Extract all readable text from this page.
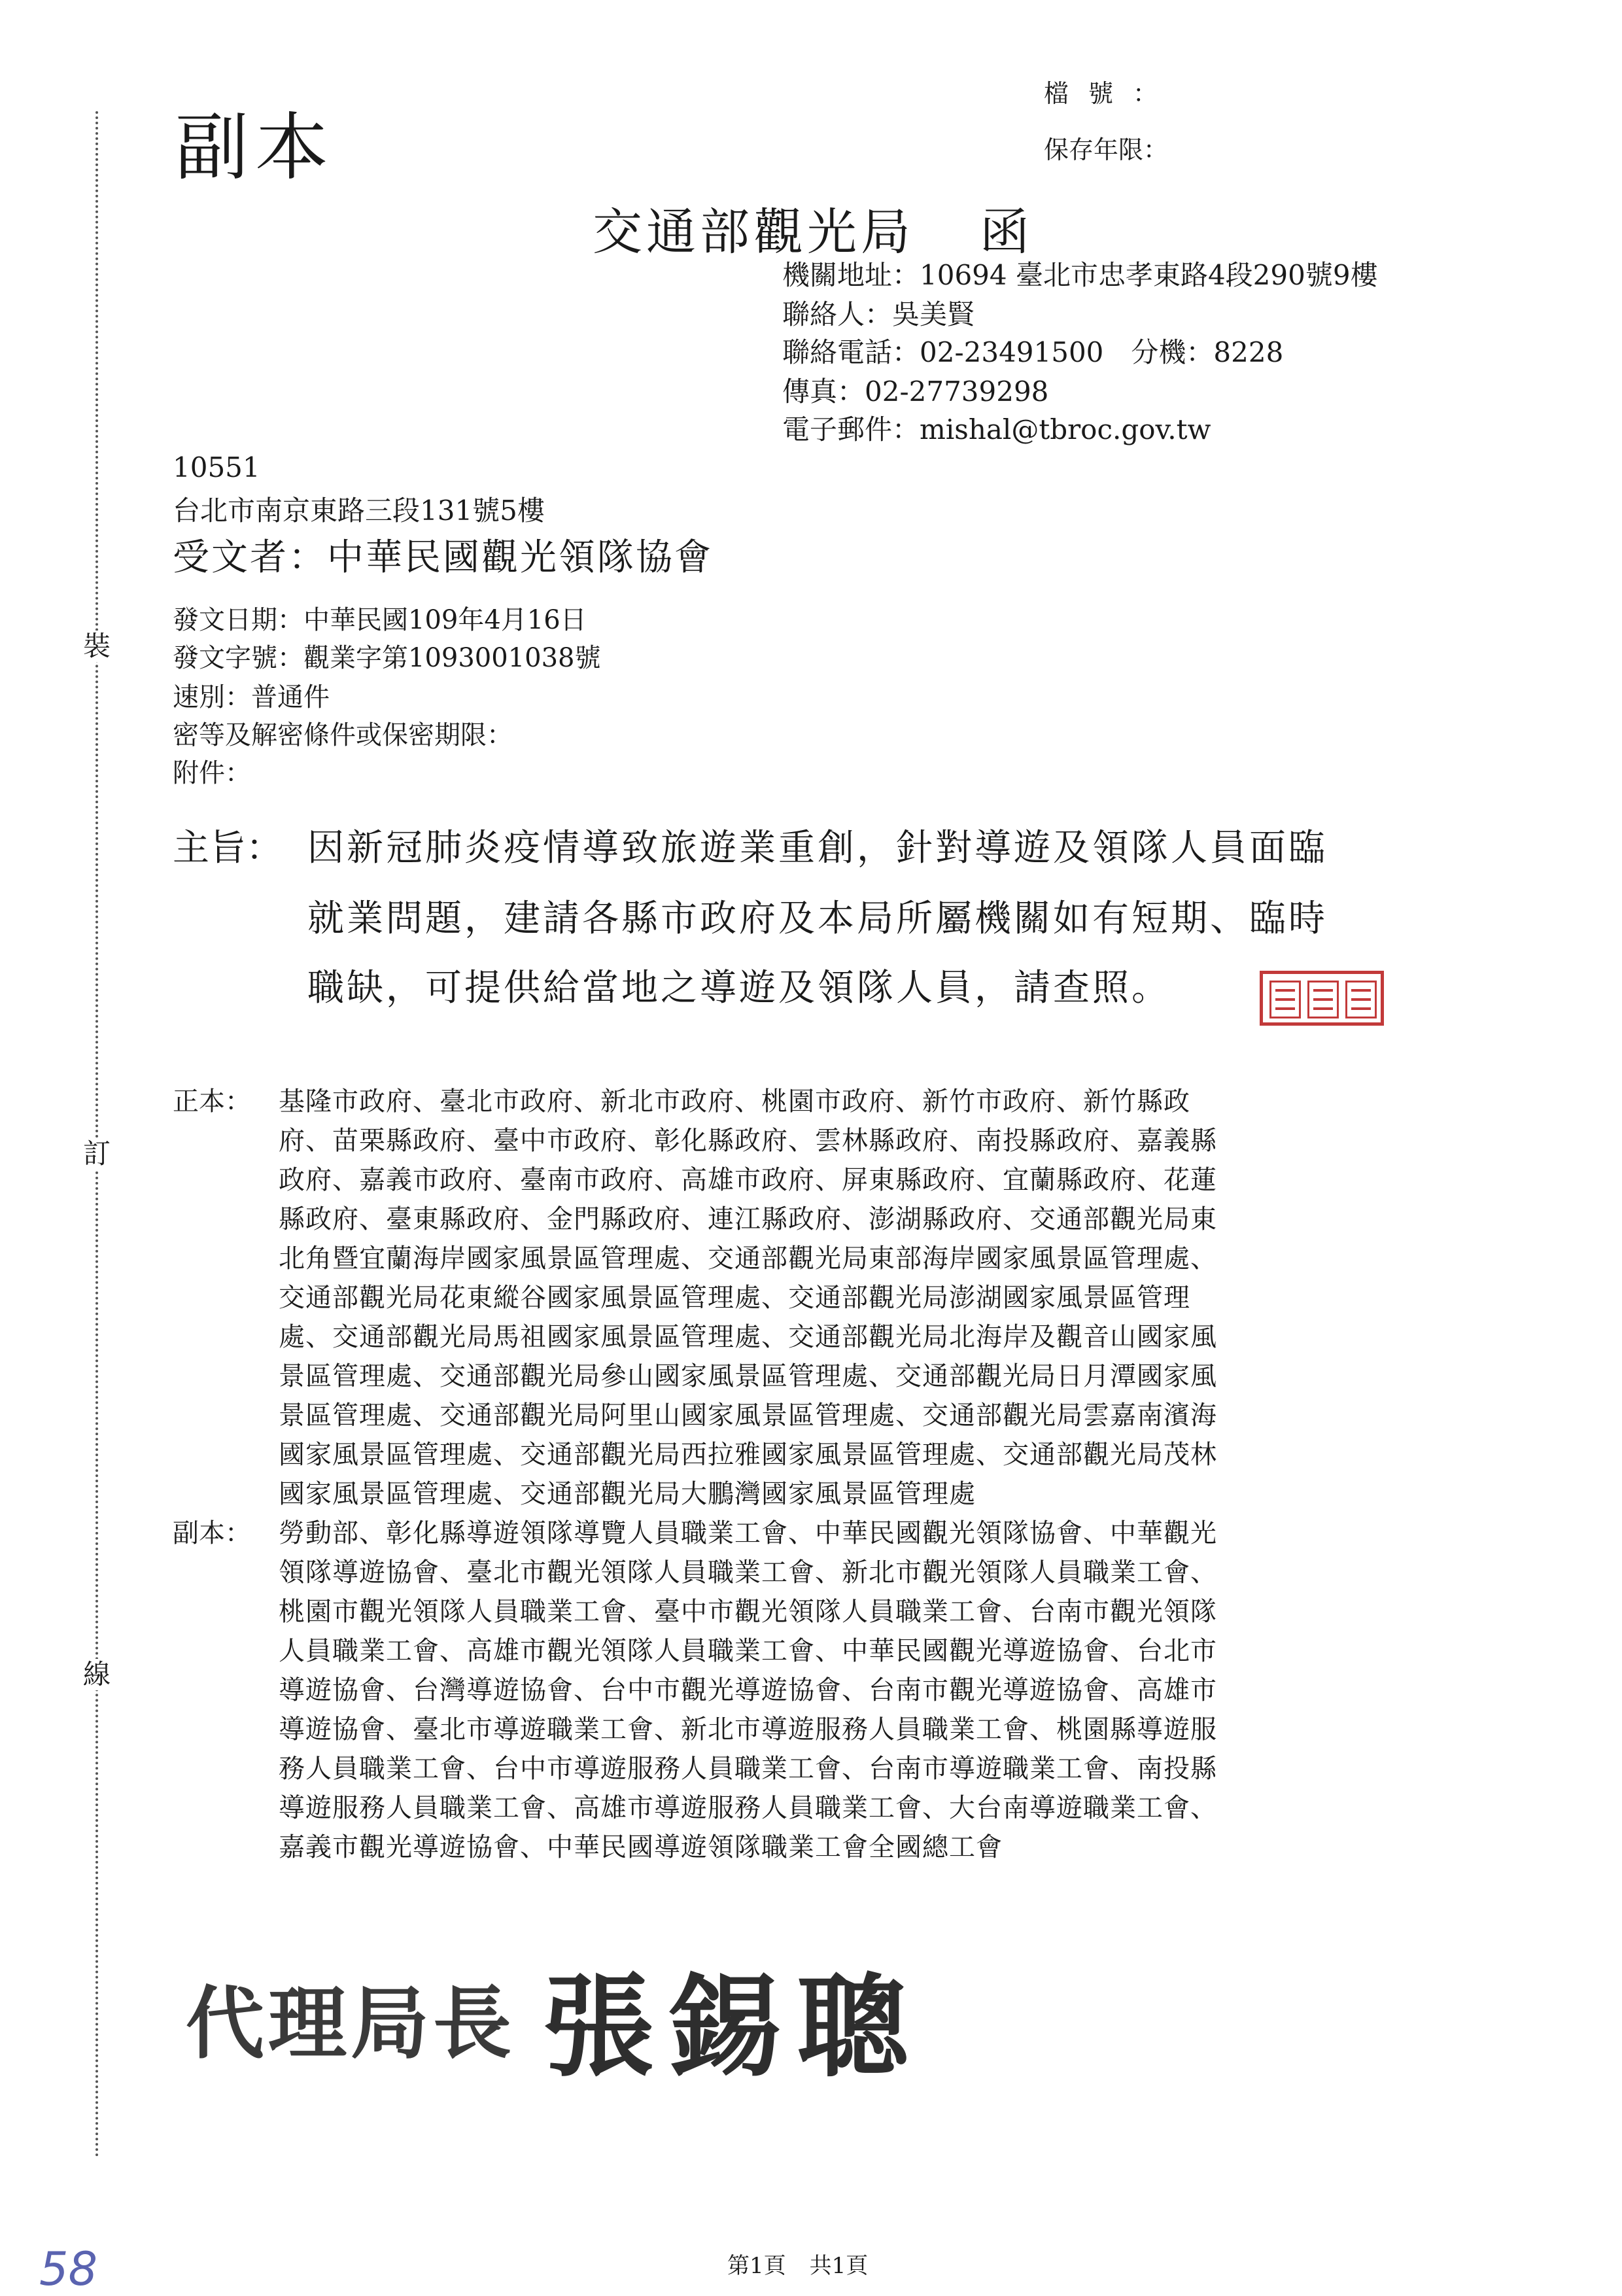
裝
訂
線
副本
檔號：
保存年限：
交通部觀光局 函
機關地址：10694 臺北市忠孝東路4段290號9樓
聯絡人：吳美賢
聯絡電話：02-23491500　分機：8228
傳真：02-27739298
電子郵件：mishal@tbroc.gov.tw
10551
台北市南京東路三段131號5樓
受文者：中華民國觀光領隊協會
發文日期：中華民國109年4月16日
發文字號：觀業字第1093001038號
速別：普通件
密等及解密條件或保密期限：
附件：
主旨： 因新冠肺炎疫情導致旅遊業重創，針對導遊及領隊人員面臨
就業問題，建請各縣市政府及本局所屬機關如有短期、臨時
職缺，可提供給當地之導遊及領隊人員，請查照。
正本： 基隆市政府、臺北市政府、新北市政府、桃園市政府、新竹市政府、新竹縣政
府、苗栗縣政府、臺中市政府、彰化縣政府、雲林縣政府、南投縣政府、嘉義縣
政府、嘉義市政府、臺南市政府、高雄市政府、屏東縣政府、宜蘭縣政府、花蓮
縣政府、臺東縣政府、金門縣政府、連江縣政府、澎湖縣政府、交通部觀光局東
北角暨宜蘭海岸國家風景區管理處、交通部觀光局東部海岸國家風景區管理處、
交通部觀光局花東縱谷國家風景區管理處、交通部觀光局澎湖國家風景區管理
處、交通部觀光局馬祖國家風景區管理處、交通部觀光局北海岸及觀音山國家風
景區管理處、交通部觀光局參山國家風景區管理處、交通部觀光局日月潭國家風
景區管理處、交通部觀光局阿里山國家風景區管理處、交通部觀光局雲嘉南濱海
國家風景區管理處、交通部觀光局西拉雅國家風景區管理處、交通部觀光局茂林
國家風景區管理處、交通部觀光局大鵬灣國家風景區管理處
副本： 勞動部、彰化縣導遊領隊導覽人員職業工會、中華民國觀光領隊協會、中華觀光
領隊導遊協會、臺北市觀光領隊人員職業工會、新北市觀光領隊人員職業工會、
桃園市觀光領隊人員職業工會、臺中市觀光領隊人員職業工會、台南市觀光領隊
人員職業工會、高雄市觀光領隊人員職業工會、中華民國觀光導遊協會、台北市
導遊協會、台灣導遊協會、台中市觀光導遊協會、台南市觀光導遊協會、高雄市
導遊協會、臺北市導遊職業工會、新北市導遊服務人員職業工會、桃園縣導遊服
務人員職業工會、台中市導遊服務人員職業工會、台南市導遊職業工會、南投縣
導遊服務人員職業工會、高雄市導遊服務人員職業工會、大台南導遊職業工會、
嘉義市觀光導遊協會、中華民國導遊領隊職業工會全國總工會
代理局長 張錫聰
第1頁 共1頁
58
